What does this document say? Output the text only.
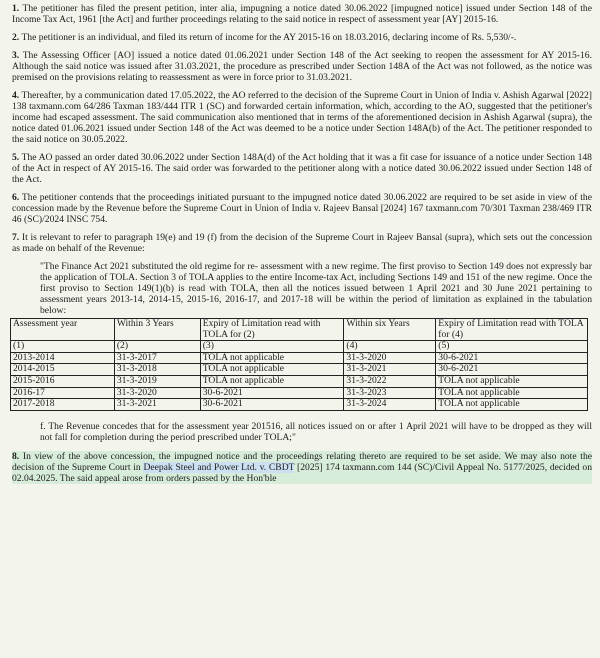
1. The petitioner has filed the present petition, inter alia, impugning a notice dated 30.06.2022 [impugned notice] issued under Section 148 of the Income Tax Act, 1961 [the Act] and further proceedings relating to the said notice in respect of assessment year [AY] 2015-16.

2. The petitioner is an individual, and filed its return of income for the AY 2015-16 on 18.03.2016, declaring income of Rs. 5,530/-.

3. The Assessing Officer [AO] issued a notice dated 01.06.2021 under Section 148 of the Act seeking to reopen the assessment for AY 2015-16. Although the said notice was issued after 31.03.2021, the procedure as prescribed under Section 148A of the Act was not followed, as the notice was premised on the provisions relating to reassessment as were in force prior to 31.03.2021.

4. Thereafter, by a communication dated 17.05.2022, the AO referred to the decision of the Supreme Court in Union of India v. Ashish Agarwal [2022] 138 taxmann.com 64/286 Taxman 183/444 ITR 1 (SC) and forwarded certain information, which, according to the AO, suggested that the petitioner's income had escaped assessment. The said communication also mentioned that in terms of the aforementioned decision in Ashish Agarwal (supra), the notice dated 01.06.2021 issued under Section 148 of the Act was deemed to be a notice under Section 148A(b) of the Act. The petitioner responded to the said notice on 30.05.2022.

5. The AO passed an order dated 30.06.2022 under Section 148A(d) of the Act holding that it was a fit case for issuance of a notice under Section 148 of the Act in respect of AY 2015-16. The said order was forwarded to the petitioner along with a notice dated 30.06.2022 issued under Section 148 of the Act.

6. The petitioner contends that the proceedings initiated pursuant to the impugned notice dated 30.06.2022 are required to be set aside in view of the concession made by the Revenue before the Supreme Court in Union of India v. Rajeev Bansal [2024] 167 taxmann.com 70/301 Taxman 238/469 ITR 46 (SC)/2024 INSC 754.

7. It is relevant to refer to paragraph 19(e) and 19 (f) from the decision of the Supreme Court in Rajeev Bansal (supra), which sets out the concession as made on behalf of the Revenue:

"The Finance Act 2021 substituted the old regime for re- assessment with a new regime. The first proviso to Section 149 does not expressly bar the application of TOLA. Section 3 of TOLA applies to the entire Income-tax Act, including Sections 149 and 151 of the new regime. Once the first proviso to Section 149(1)(b) is read with TOLA, then all the notices issued between 1 April 2021 and 30 June 2021 pertaining to assessment years 2013-14, 2014-15, 2015-16, 2016-17, and 2017-18 will be within the period of limitation as explained in the tabulation below:
Assessment year	Within 3 Years	Expiry of Limitation read with TOLA for (2)	Within six Years	Expiry of Limitation read with TOLA for (4)
(1)	(2)	(3)	(4)	(5)
2013-2014	31-3-2017	TOLA not applicable	31-3-2020	30-6-2021
2014-2015	31-3-2018	TOLA not applicable	31-3-2021	30-6-2021
2015-2016	31-3-2019	TOLA not applicable	31-3-2022	TOLA not applicable
2016-17	31-3-2020	30-6-2021	31-3-2023	TOLA not applicable
2017-2018	31-3-2021	30-6-2021	31-3-2024	TOLA not applicable

f. The Revenue concedes that for the assessment year 201516, all notices issued on or after 1 April 2021 will have to be dropped as they will not fall for completion during the period prescribed under TOLA;"

8. In view of the above concession, the impugned notice and the proceedings relating thereto are required to be set aside. We may also note the decision of the Supreme Court in Deepak Steel and Power Ltd. v. CBDT [2025] 174 taxmann.com 144 (SC)/Civil Appeal No. 5177/2025, decided on 02.04.2025. The said appeal arose from orders passed by the Hon'ble
